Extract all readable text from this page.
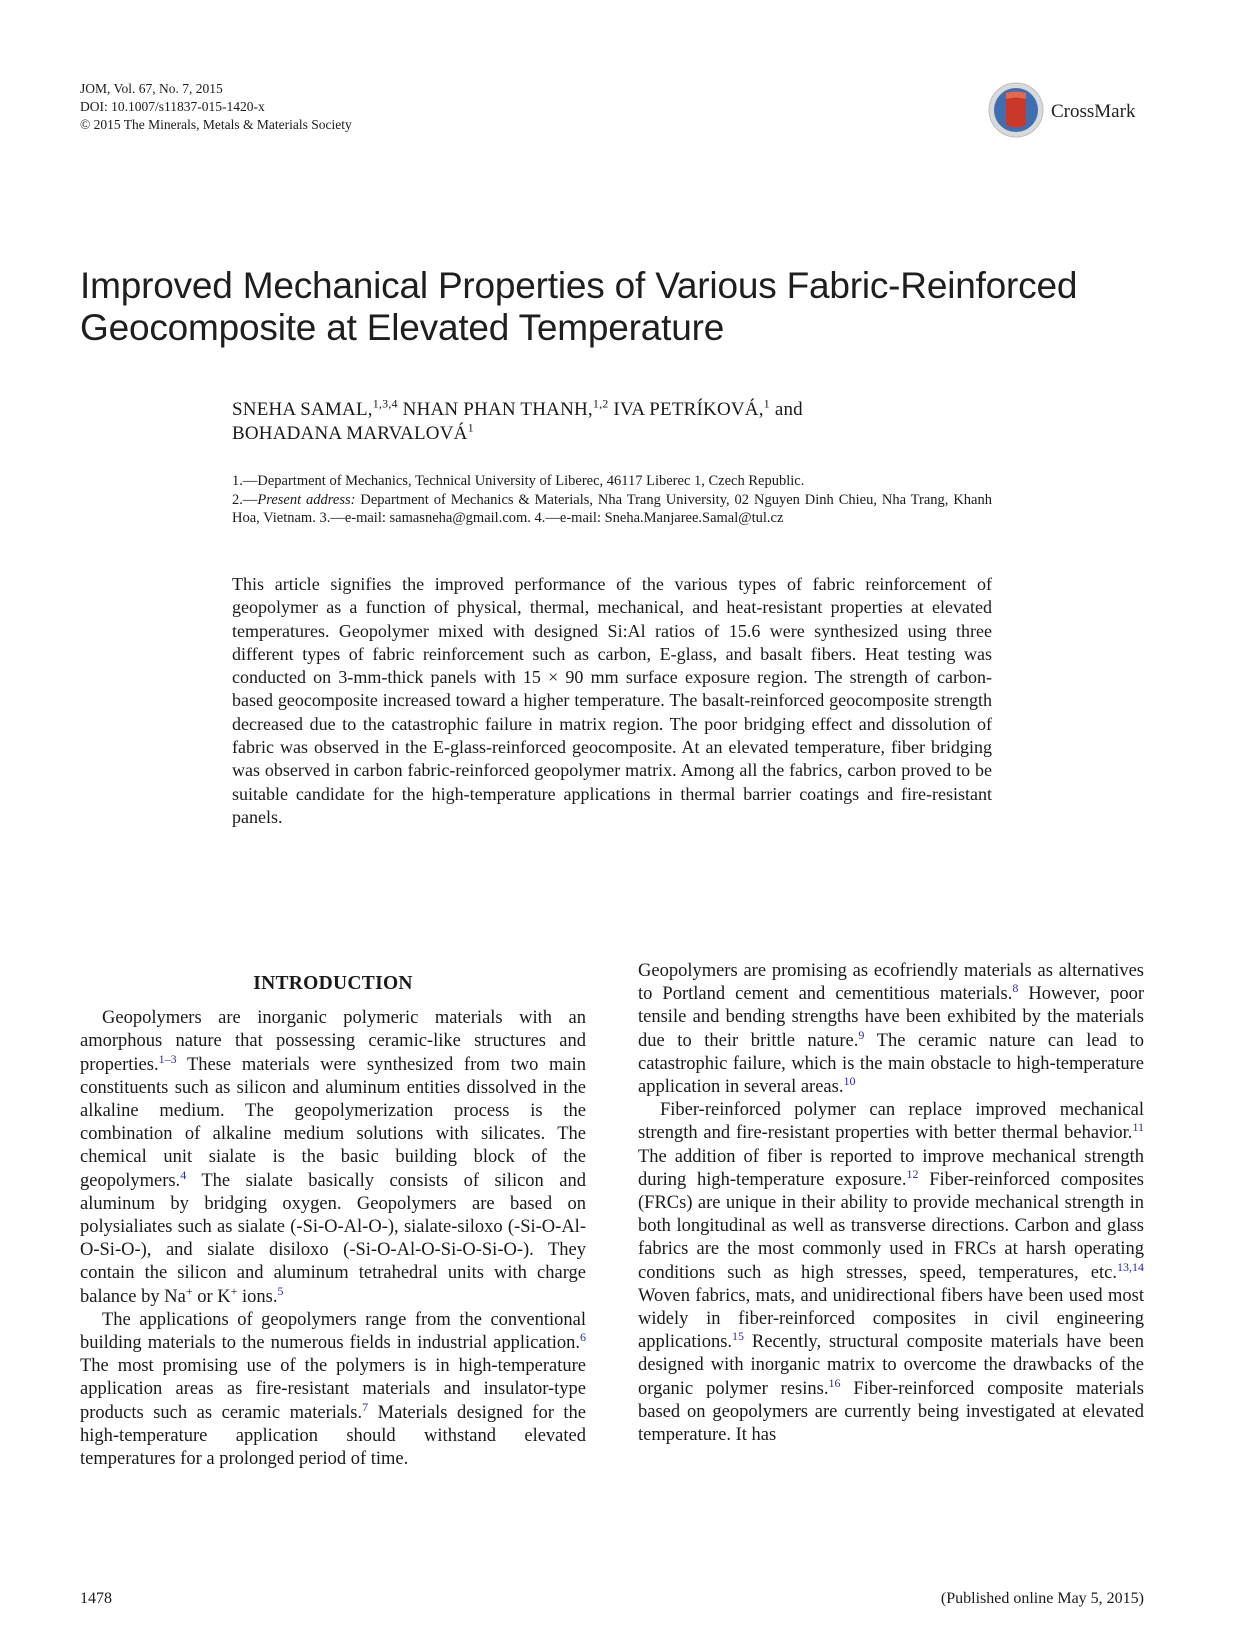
JOM, Vol. 67, No. 7, 2015
DOI: 10.1007/s11837-015-1420-x
© 2015 The Minerals, Metals & Materials Society
CrossMark
Improved Mechanical Properties of Various Fabric-Reinforced
Geocomposite at Elevated Temperature
SNEHA SAMAL,$^{1,3,4}$ NHAN PHAN THANH,$^{1,2}$ IVA PETRÍKOVÁ,$^1$ and
BOHADANA MARVALOVÁ$^1$
1.—Department of Mechanics, Technical University of Liberec, 46117 Liberec 1, Czech Republic.
2.—Present address: Department of Mechanics & Materials, Nha Trang University, 02 Nguyen Dinh Chieu, Nha Trang, Khanh Hoa, Vietnam. 3.—e-mail: samasneha@gmail.com. 4.—e-mail: Sneha.Manjaree.Samal@tul.cz
This article signifies the improved performance of the various types of fabric reinforcement of geopolymer as a function of physical, thermal, mechanical, and heat-resistant properties at elevated temperatures. Geopolymer mixed with designed Si:Al ratios of 15.6 were synthesized using three different types of fabric reinforcement such as carbon, E-glass, and basalt fibers. Heat testing was conducted on 3-mm-thick panels with 15 × 90 mm surface exposure region. The strength of carbon-based geocomposite increased toward a higher temperature. The basalt-reinforced geocomposite strength decreased due to the catastrophic failure in matrix region. The poor bridging effect and dissolution of fabric was observed in the E-glass-reinforced geocomposite. At an elevated temperature, fiber bridging was observed in carbon fabric-reinforced geopolymer matrix. Among all the fabrics, carbon proved to be suitable candidate for the high-temperature applications in thermal barrier coatings and fire-resistant panels.
INTRODUCTION

Geopolymers are inorganic polymeric materials with an amorphous nature that possessing ceramic-like structures and properties.$^{1-3}$ These materials were synthesized from two main constituents such as silicon and aluminum entities dissolved in the alkaline medium. The geopolymerization process is the combination of alkaline medium solutions with silicates. The chemical unit sialate is the basic building block of the geopolymers.$^4$ The sialate basically consists of silicon and aluminum by bridging oxygen. Geopolymers are based on polysialiates such as sialate (-Si-O-Al-O-), sialate-siloxo (-Si-O-Al-O-Si-O-), and sialate disiloxo (-Si-O-Al-O-Si-O-Si-O-). They contain the silicon and aluminum tetrahedral units with charge balance by Na+ or K+ ions.$^5$

The applications of geopolymers range from the conventional building materials to the numerous fields in industrial application.$^6$ The most promising use of the polymers is in high-temperature application areas as fire-resistant materials and insulator-type products such as ceramic materials.$^7$ Materials designed for the high-temperature application should withstand elevated temperatures for a prolonged period of time.

Geopolymers are promising as ecofriendly materials as alternatives to Portland cement and cementitious materials.$^8$ However, poor tensile and bending strengths have been exhibited by the materials due to their brittle nature.$^9$ The ceramic nature can lead to catastrophic failure, which is the main obstacle to high-temperature application in several areas.$^{10}$

Fiber-reinforced polymer can replace improved mechanical strength and fire-resistant properties with better thermal behavior.$^{11}$ The addition of fiber is reported to improve mechanical strength during high-temperature exposure.$^{12}$ Fiber-reinforced composites (FRCs) are unique in their ability to provide mechanical strength in both longitudinal as well as transverse directions. Carbon and glass fabrics are the most commonly used in FRCs at harsh operating conditions such as high stresses, speed, temperatures, etc.$^{13,14}$ Woven fabrics, mats, and unidirectional fibers have been used most widely in fiber-reinforced composites in civil engineering applications.$^{15}$ Recently, structural composite materials have been designed with inorganic matrix to overcome the drawbacks of the organic polymer resins.$^{16}$ Fiber-reinforced composite materials based on geopolymers are currently being investigated at elevated temperature. It has

1478	(Published online May 5, 2015)
